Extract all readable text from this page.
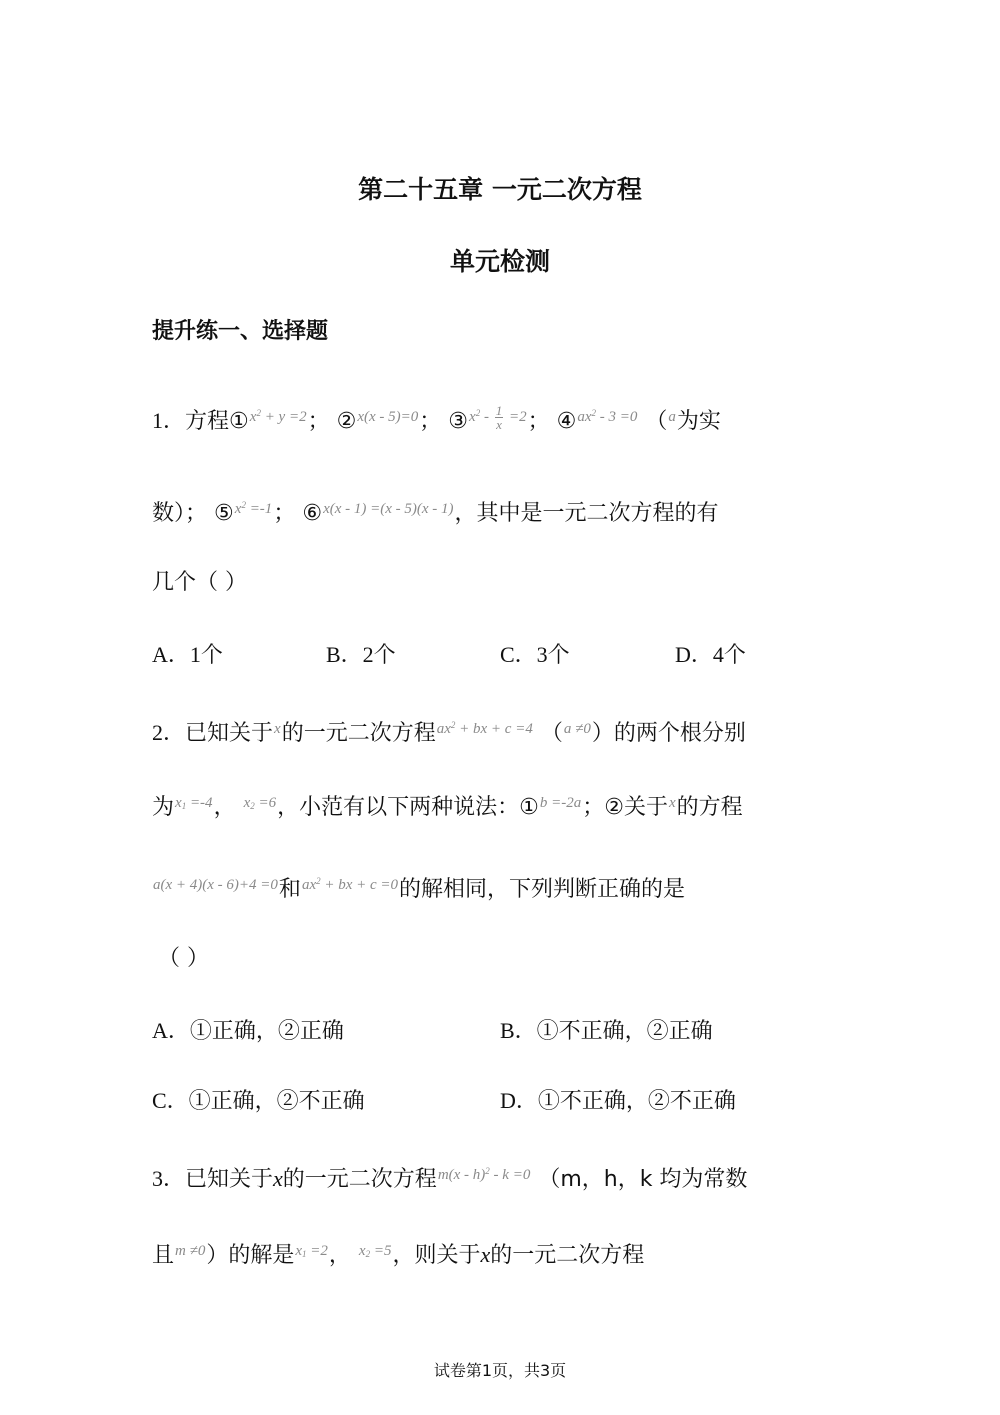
第二十五章 一元二次方程
单元检测
提升练一、选择题
1．方程①$^{x^2 + y =2}$； ②$^{x(x - 5)=0}$； ③$^{x^2 - \frac{1}{x} =2}$； ④$^{ax^2 - 3 =0}$ （$^a$为实
数）； ⑤$^{x^2 =-1}$； ⑥$^{x(x - 1) =(x - 5)(x - 1)}$，其中是一元二次方程的有
几个（ ）
A．1个	B．2个	C．3个	D．4个
2．已知关于$^x$的一元二次方程$^{ax^2 + bx + c =4}$ （$^{a \ne 0}$）的两个根分别
为$^{x_1 =-4}$， $^{x_2 =6}$，小范有以下两种说法：①$^{b =-2a}$；②关于$^x$的方程
$^{a(x + 4)(x - 6)+4 =0}$和$^{ax^2 + bx + c =0}$的解相同，下列判断正确的是
（ ）
A．①正确，②正确	B．①不正确，②正确
C．①正确，②不正确	D．①不正确，②不正确
3．已知关于x的一元二次方程$^{m(x - h)^2 - k =0}$ （m，h，k 均为常数
且$^{m \ne 0}$）的解是$^{x_1 =2}$， $^{x_2 =5}$，则关于x的一元二次方程
试卷第1页，共3页
